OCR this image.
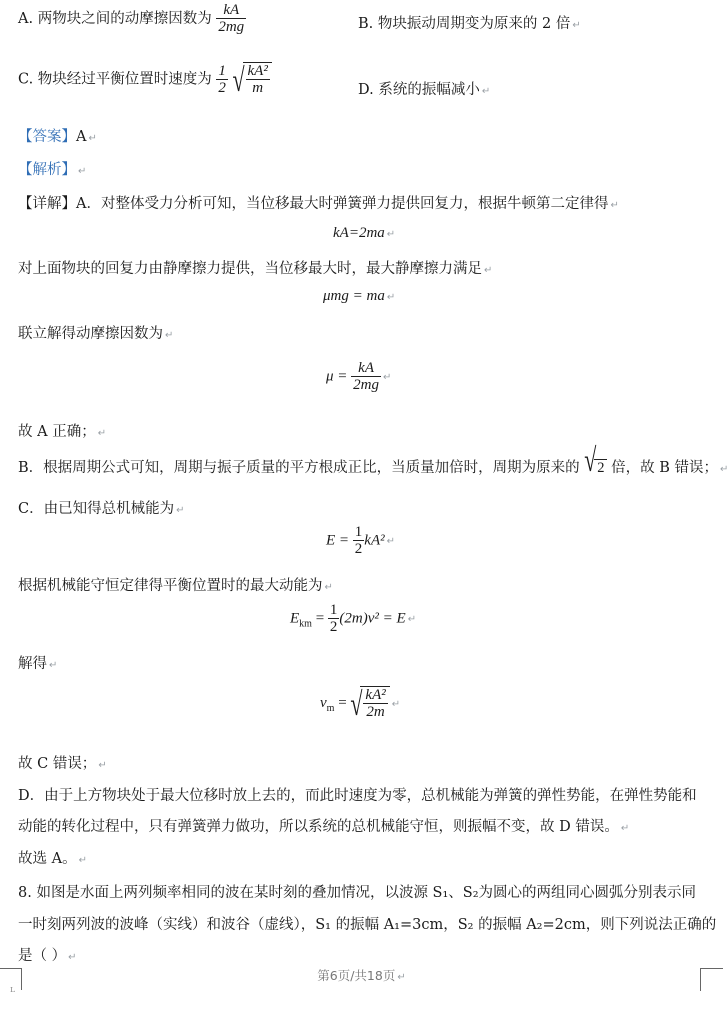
A. 两物块之间的动摩擦因数为 $\frac{kA}{2mg}$	B. 物块振动周期变为原来的 2 倍 ↵
C. 物块经过平衡位置时速度为 $\frac{1}{2}$
√ $\frac{\text{kA²}}{m}$	D. 系统的振幅减小 ↵
【答案】A ↵
【解析】 ↵
【详解】A．对整体受力分析可知，当位移最大时弹簧弹力提供回复力，根据牛顿第二定律得 ↵
kA=2ma ↵
对上面物块的回复力由静摩擦力提供，当位移最大时，最大静摩擦力满足 ↵
μmg = ma ↵
联立解得动摩擦因数为 ↵
$\mu = \frac{kA}{2mg}$ ↵
故 A 正确； ↵
B．根据周期公式可知，周期与振子质量的平方根成正比，当质量加倍时，周期为原来的 √ 2 倍，故 B 错误； ↵
C．由已知得总机械能为 ↵
$E = \frac{1}{2} kA^2$ ↵
根据机械能守恒定律得平衡位置时的最大动能为 ↵
$E_{km} = \frac{1}{2} (2m)v^2 = E$ ↵
解得 ↵
$v_m$ = √ $\frac{\text{kA²}}{2m}$ ↵
故 C 错误； ↵
D．由于上方物块处于最大位移时放上去的，而此时速度为零，总机械能为弹簧的弹性势能，在弹性势能和
动能的转化过程中，只有弹簧弹力做功，所以系统的总机械能守恒，则振幅不变，故 D 错误。 ↵
故选 A。 ↵
8. 如图是水面上两列频率相同的波在某时刻的叠加情况，以波源 S₁、S₂为圆心的两组同心圆弧分别表示同
一时刻两列波的波峰（实线）和波谷（虚线），S₁ 的振幅 A₁=3cm，S₂ 的振幅 A₂=2cm，则下列说法正确的
是（ ） ↵
第6页/共18页 ↵
ᴸ
